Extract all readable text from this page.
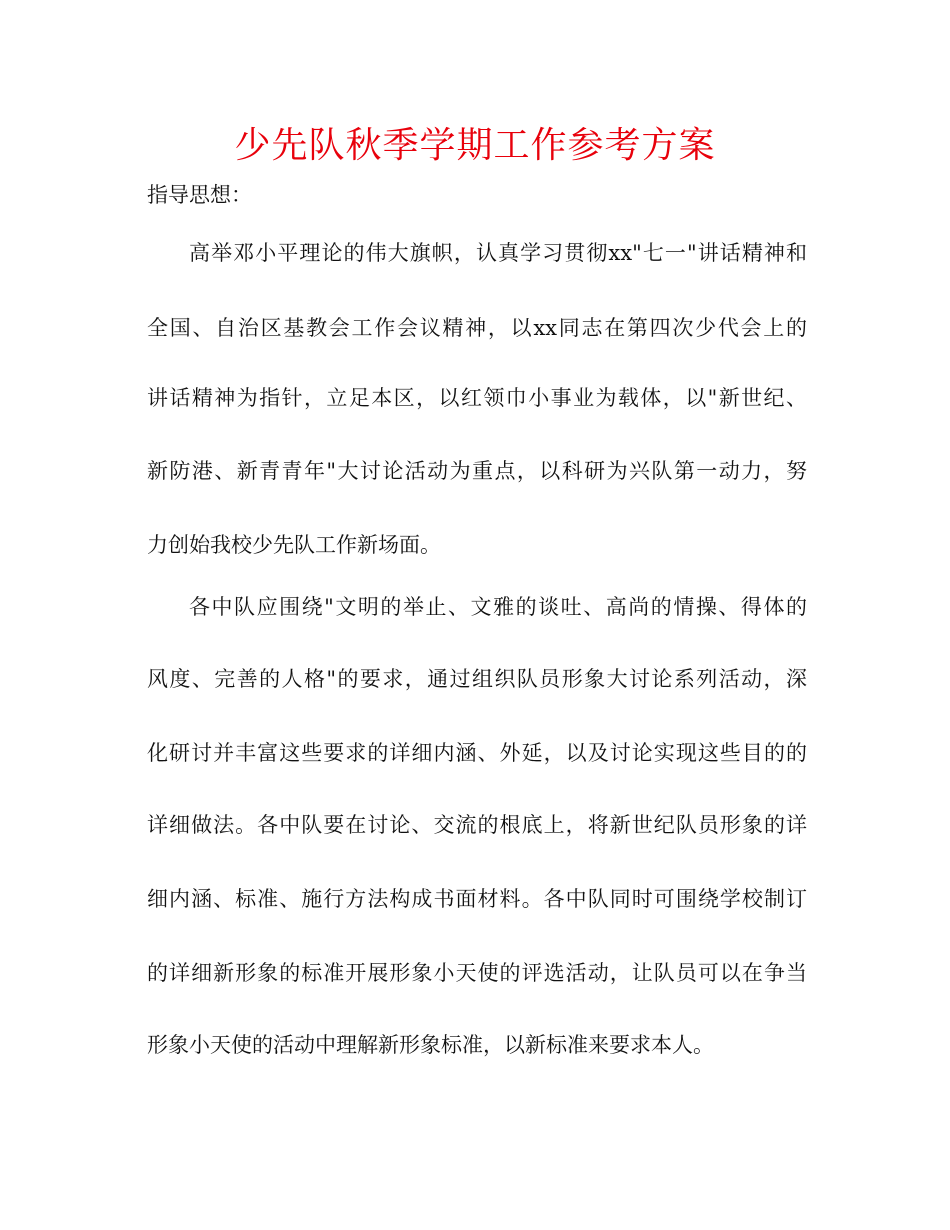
少先队秋季学期工作参考方案

指导思想：

高举邓小平理论的伟大旗帜，认真学习贯彻xx"七一"讲话精神和

全国、自治区基教会工作会议精神，以xx同志在第四次少代会上的

讲话精神为指针，立足本区，以红领巾小事业为载体，以"新世纪、

新防港、新青青年"大讨论活动为重点，以科研为兴队第一动力，努

力创始我校少先队工作新场面。

各中队应围绕"文明的举止、文雅的谈吐、高尚的情操、得体的

风度、完善的人格"的要求，通过组织队员形象大讨论系列活动，深

化研讨并丰富这些要求的详细内涵、外延，以及讨论实现这些目的的

详细做法。各中队要在讨论、交流的根底上，将新世纪队员形象的详

细内涵、标准、施行方法构成书面材料。各中队同时可围绕学校制订

的详细新形象的标准开展形象小天使的评选活动，让队员可以在争当

形象小天使的活动中理解新形象标准，以新标准来要求本人。
